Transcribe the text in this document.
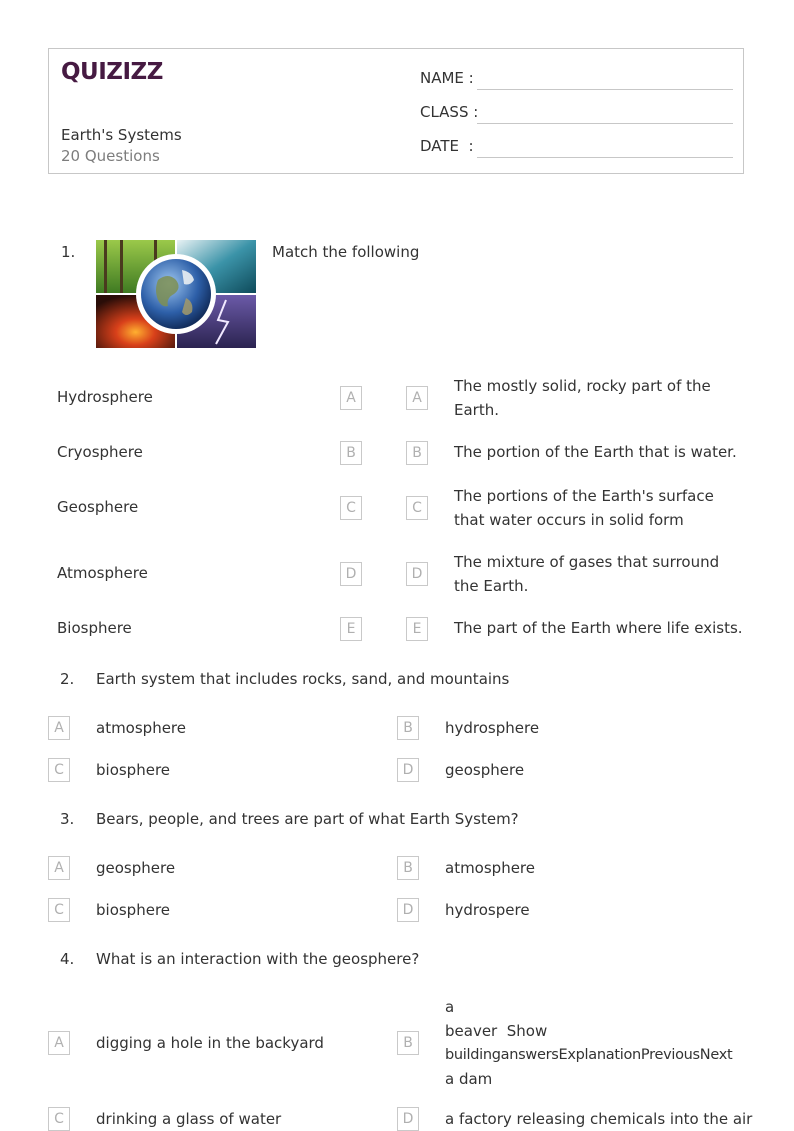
QUIZIZZ
Earth's Systems
20 Questions
NAME :
CLASS :
DATE  :
1.	Match the following
Hydrosphere	A	A
The mostly solid, rocky part of the
Earth.
Cryosphere	B	B	The portion of the Earth that is water.
Geosphere	C	C
The portions of the Earth's surface
that water occurs in solid form
Atmosphere	D	D
The mixture of gases that surround
the Earth.
Biosphere	E	E	The part of the Earth where life exists.
2. Earth system that includes rocks, sand, and mountains
A	atmosphere	B	hydrosphere
C	biosphere	D	geosphere
3. Bears, people, and trees are part of what Earth System?
A	geosphere	B	atmosphere
C	biosphere	D	hydrospere
4. What is an interaction with the geosphere?
A	digging a hole in the backyard	B
a
beaver  Show
buildinganswersExplanationPreviousNext
a dam
C	drinking a glass of water	D	a factory releasing chemicals into the air
